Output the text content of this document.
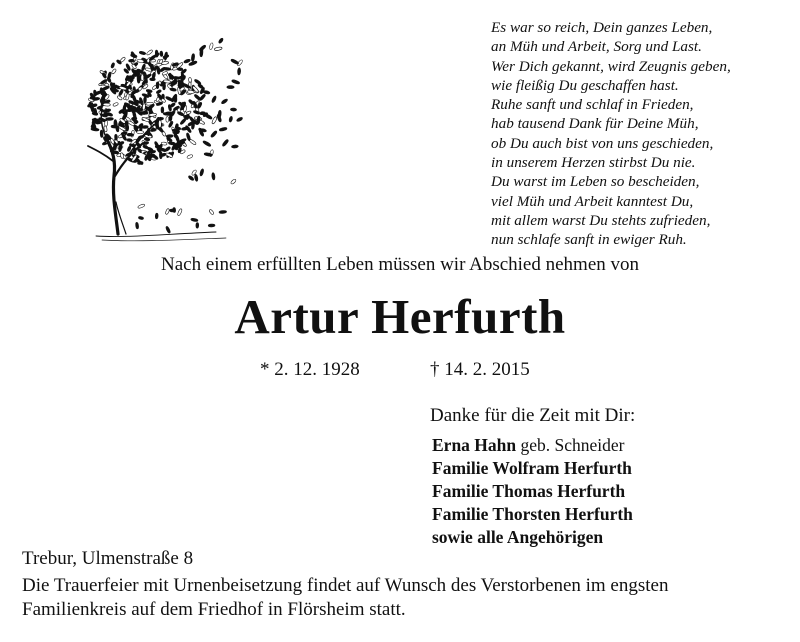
Es war so reich, Dein ganzes Leben,
an Müh und Arbeit, Sorg und Last.
Wer Dich gekannt, wird Zeugnis geben,
wie fleißig Du geschaffen hast.
Ruhe sanft und schlaf in Frieden,
hab tausend Dank für Deine Müh,
ob Du auch bist von uns geschieden,
in unserem Herzen stirbst Du nie.
Du warst im Leben so bescheiden,
viel Müh und Arbeit kanntest Du,
mit allem warst Du stehts zufrieden,
nun schlafe sanft in ewiger Ruh.
Nach einem erfüllten Leben müssen wir Abschied nehmen von
Artur Herfurth
* 2. 12. 1928	† 14. 2. 2015
Danke für die Zeit mit Dir:
Erna Hahn geb. Schneider
Familie Wolfram Herfurth
Familie Thomas Herfurth
Familie Thorsten Herfurth
sowie alle Angehörigen
Trebur, Ulmenstraße 8
Die Trauerfeier mit Urnenbeisetzung findet auf Wunsch des Verstorbenen im engsten
Familienkreis auf dem Friedhof in Flörsheim statt.
